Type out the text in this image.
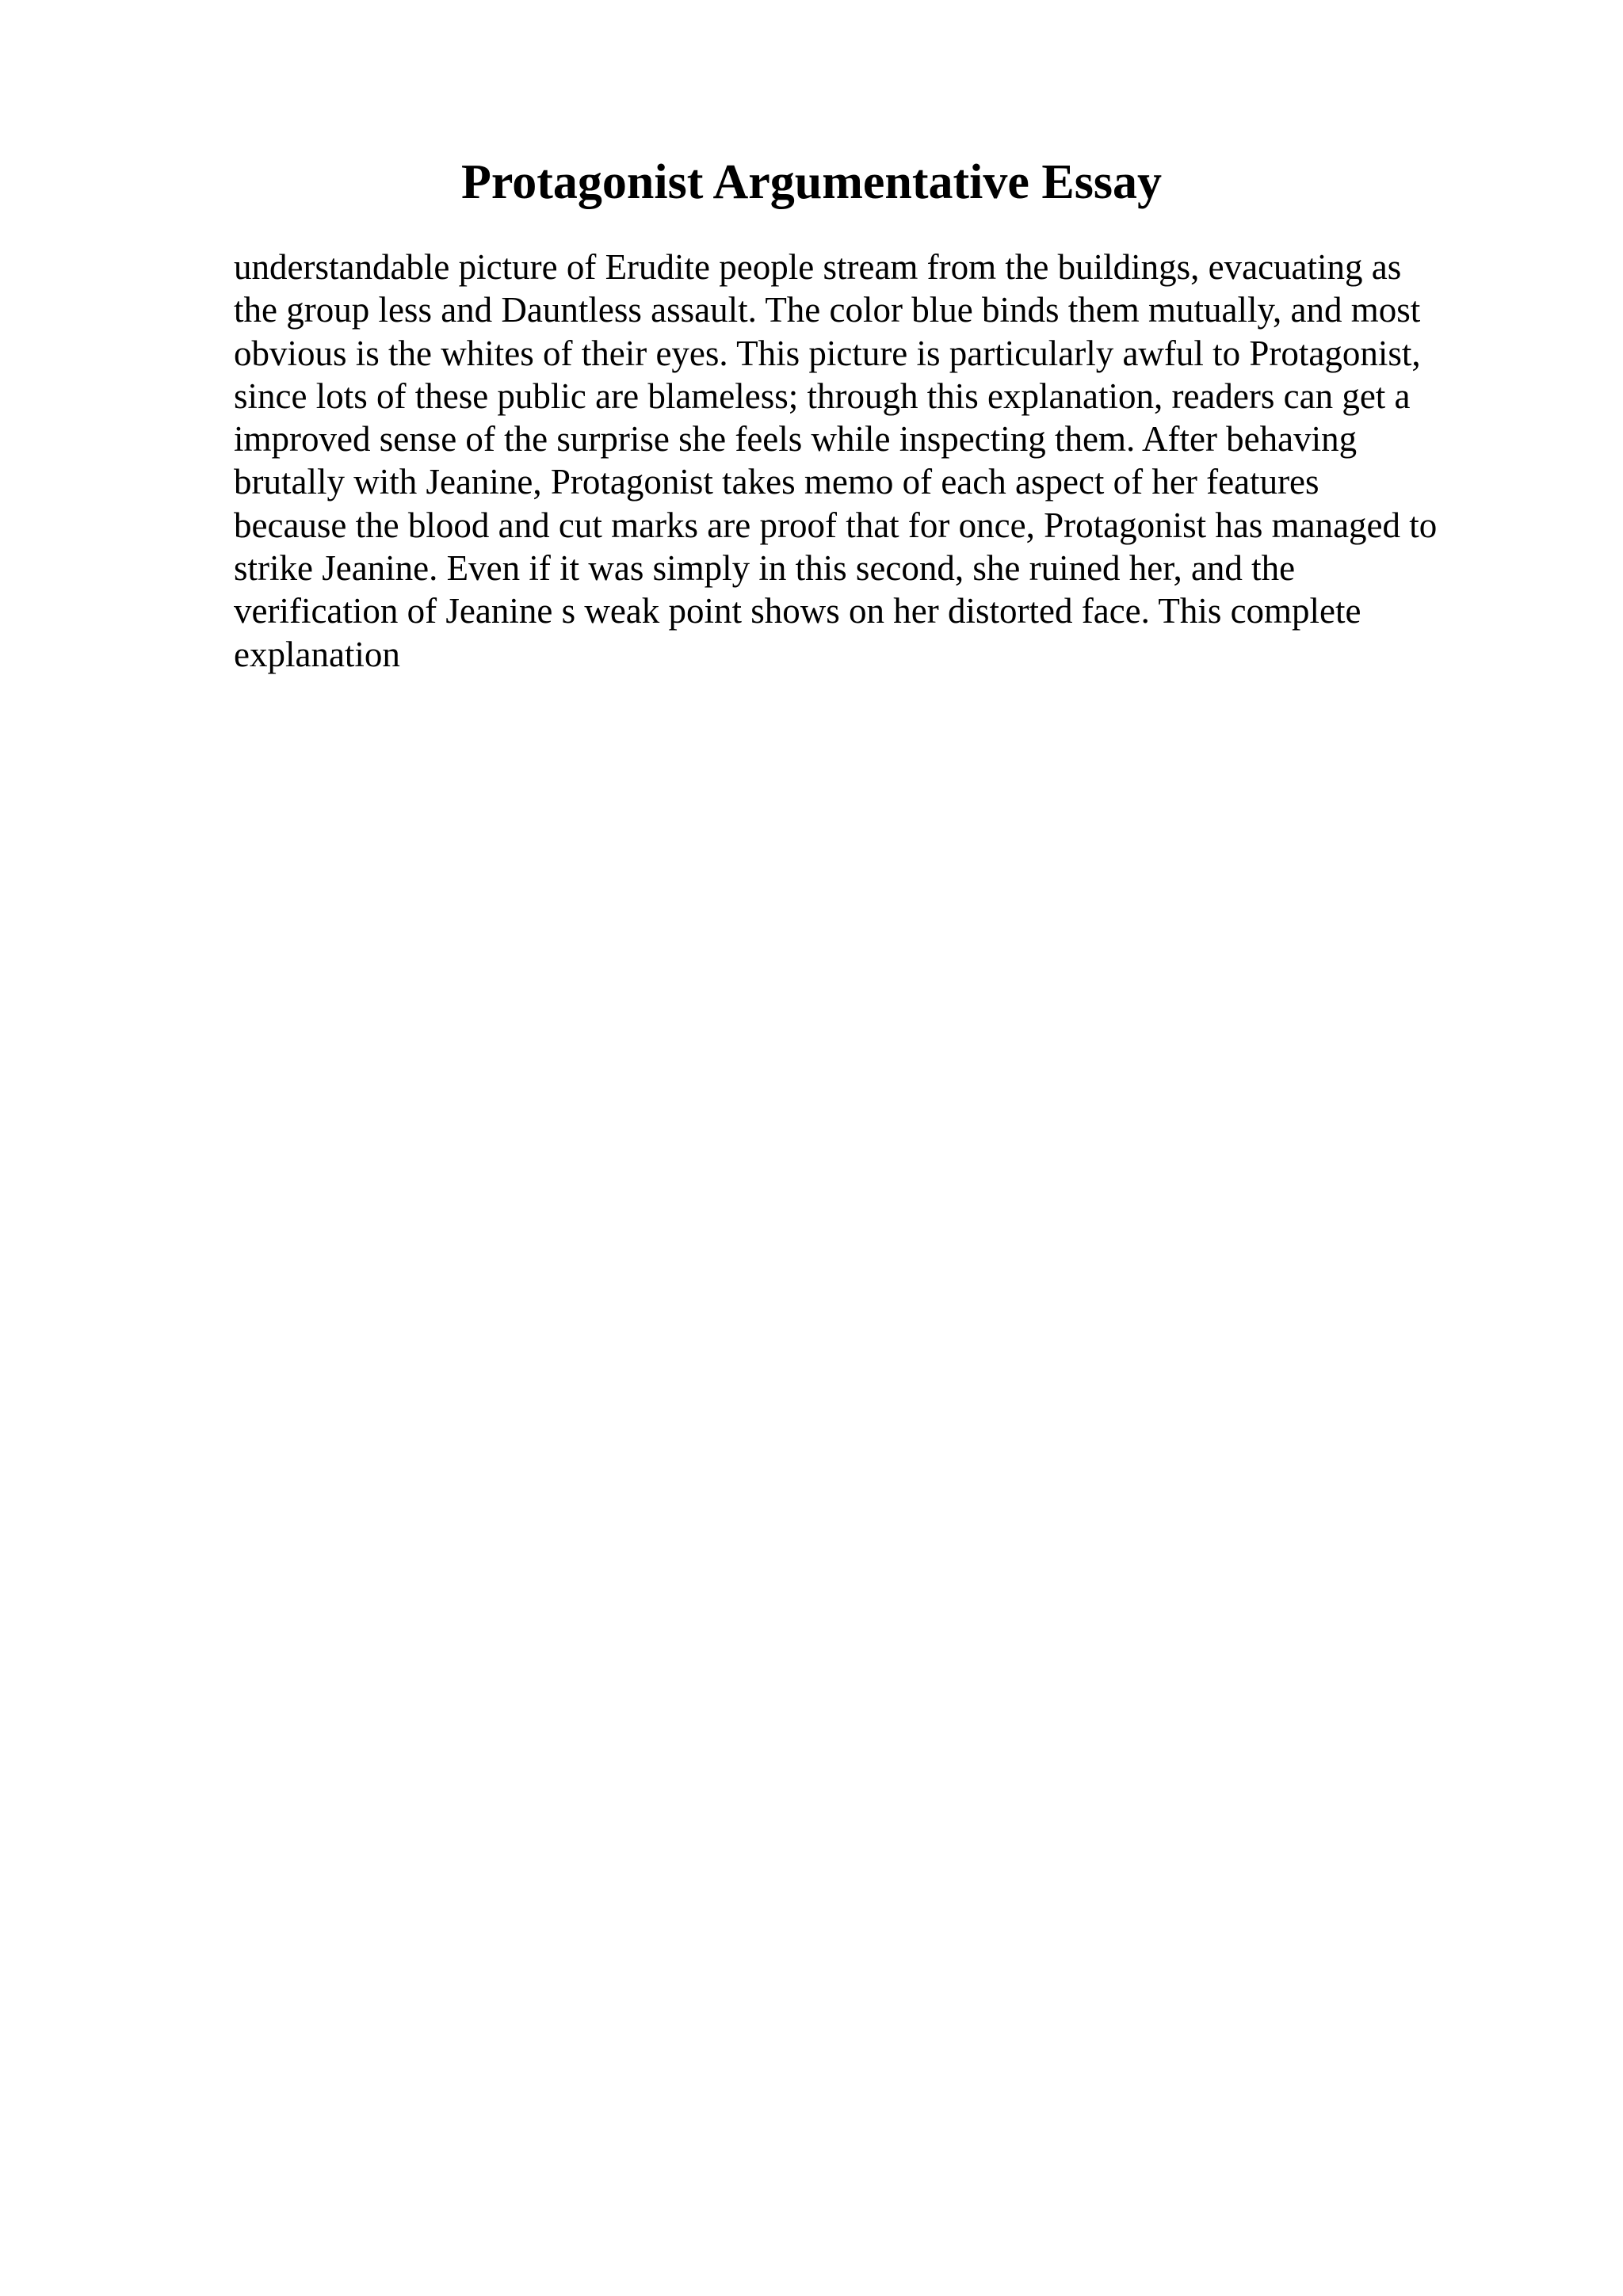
Protagonist Argumentative Essay
understandable picture of Erudite people stream from the buildings, evacuating as
the group less and Dauntless assault. The color blue binds them mutually, and most
obvious is the whites of their eyes. This picture is particularly awful to Protagonist,
since lots of these public are blameless; through this explanation, readers can get a
improved sense of the surprise she feels while inspecting them. After behaving
brutally with Jeanine, Protagonist takes memo of each aspect of her features
because the blood and cut marks are proof that for once, Protagonist has managed to
strike Jeanine. Even if it was simply in this second, she ruined her, and the
verification of Jeanine s weak point shows on her distorted face. This complete
explanation
